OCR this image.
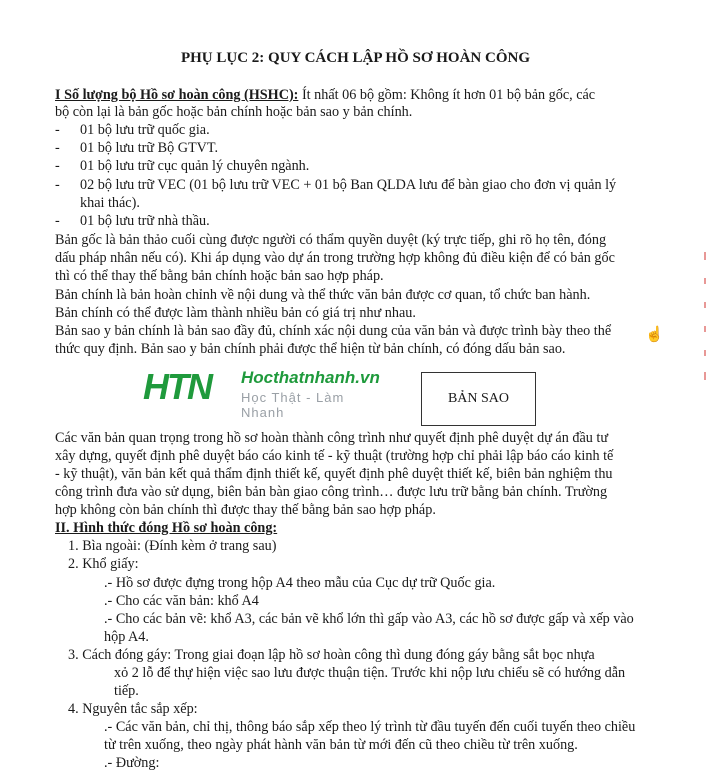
PHỤ LỤC 2: QUY CÁCH LẬP HỒ SƠ HOÀN CÔNG
I Số lượng bộ Hồ sơ hoàn công (HSHC): Ít nhất 06 bộ gồm: Không ít hơn 01 bộ bản gốc, các
bộ còn lại là bản gốc hoặc bản chính hoặc bản sao y bản chính.
- 01 bộ lưu trữ quốc gia.
- 01 bộ lưu trữ Bộ GTVT.
- 01 bộ lưu trữ cục quản lý chuyên ngành.
- 02 bộ lưu trữ VEC (01 bộ lưu trữ VEC + 01 bộ Ban QLDA lưu để bàn giao cho đơn vị quản lý
khai thác).
- 01 bộ lưu trữ nhà thầu.
Bản gốc là bản thảo cuối cùng được người có thẩm quyền duyệt (ký trực tiếp, ghi rõ họ tên, đóng
dấu pháp nhân nếu có). Khi áp dụng vào dự án trong trường hợp không đủ điều kiện để có bản gốc
thì có thể thay thế bằng bản chính hoặc bản sao hợp pháp.
Bản chính là bản hoàn chỉnh về nội dung và thể thức văn bản được cơ quan, tổ chức ban hành.
Bản chính có thể được làm thành nhiều bản có giá trị như nhau.
Bản sao y bản chính là bản sao đầy đủ, chính xác nội dung của văn bản và được trình bày theo thể
thức quy định. Bản sao y bản chính phải được thể hiện từ bản chính, có đóng dấu bản sao.
HTN Hocthatnhanh.vn
Học Thật - Làm Nhanh
BẢN SAO
Các văn bản quan trọng trong hồ sơ hoàn thành công trình như quyết định phê duyệt dự án đầu tư
xây dựng, quyết định phê duyệt báo cáo kinh tế - kỹ thuật (trường hợp chỉ phải lập báo cáo kinh tế
- kỹ thuật), văn bản kết quả thẩm định thiết kế, quyết định phê duyệt thiết kế, biên bản nghiệm thu
công trình đưa vào sử dụng, biên bản bàn giao công trình… được lưu trữ bằng bản chính. Trường
hợp không còn bản chính thì được thay thế bằng bản sao hợp pháp.
II. Hình thức đóng Hồ sơ hoàn công:
1. Bìa ngoài: (Đính kèm ở trang sau)
2. Khổ giấy:
.- Hồ sơ được đựng trong hộp A4 theo mẫu của Cục dự trữ Quốc gia.
.- Cho các văn bản: khổ A4
.- Cho các bản vẽ: khổ A3, các bản vẽ khổ lớn thì gấp vào A3, các hồ sơ được gấp và xếp vào
hộp A4.
3. Cách đóng gáy: Trong giai đoạn lập hồ sơ hoàn công thì dung đóng gáy bằng sắt bọc nhựa
xỏ 2 lỗ để thự hiện việc sao lưu được thuận tiện. Trước khi nộp lưu chiểu sẽ có hướng dẫn
tiếp.
4. Nguyên tắc sắp xếp:
.- Các văn bản, chỉ thị, thông báo sắp xếp theo lý trình từ đầu tuyến đến cuối tuyến theo chiều
từ trên xuống, theo ngày phát hành văn bản từ mới đến cũ theo chiều từ trên xuống.
.- Đường:
☝
